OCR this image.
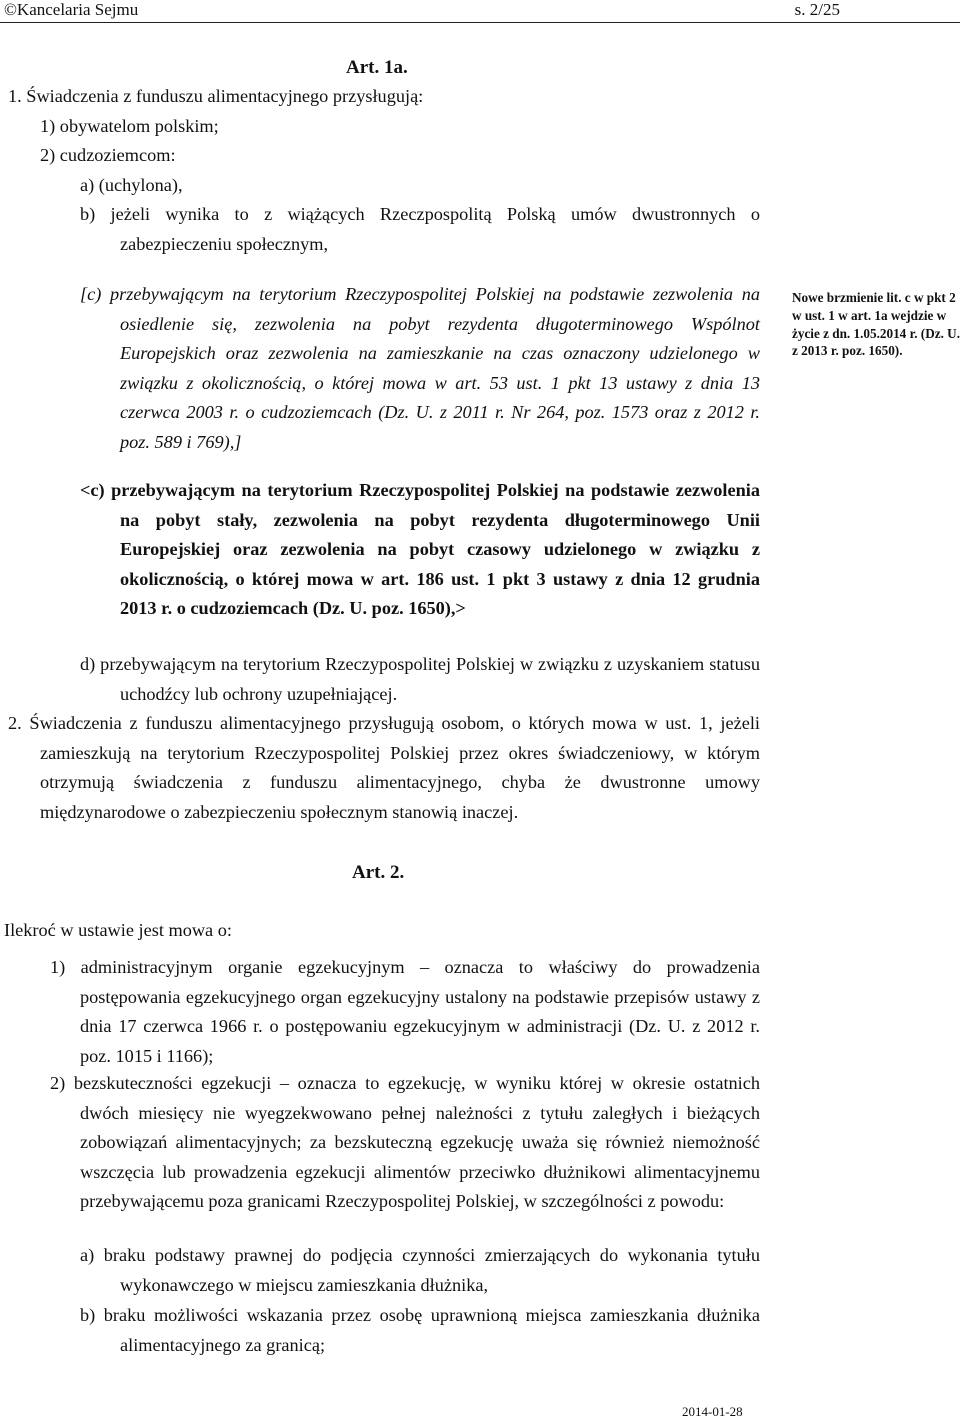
©Kancelaria Sejmu	s. 2/25
Art. 1a.

1. Świadczenia z funduszu alimentacyjnego przysługują:

1) obywatelom polskim;

2) cudzoziemcom:

a) (uchylona),

b) jeżeli wynika to z wiążących Rzeczpospolitą Polską umów dwustronnych o zabezpieczeniu społecznym,

[c) przebywającym na terytorium Rzeczypospolitej Polskiej na podstawie zezwolenia na osiedlenie się, zezwolenia na pobyt rezydenta długoterminowego Wspólnot Europejskich oraz zezwolenia na zamieszkanie na czas oznaczony udzielonego w związku z okolicznością, o której mowa w art. 53 ust. 1 pkt 13 ustawy z dnia 13 czerwca 2003 r. o cudzoziemcach (Dz. U. z 2011 r. Nr 264, poz. 1573 oraz z 2012 r. poz. 589 i 769),]

<c) przebywającym na terytorium Rzeczypospolitej Polskiej na podstawie zezwolenia na pobyt stały, zezwolenia na pobyt rezydenta długoterminowego Unii Europejskiej oraz zezwolenia na pobyt czasowy udzielonego w związku z okolicznością, o której mowa w art. 186 ust. 1 pkt 3 ustawy z dnia 12 grudnia 2013 r. o cudzoziemcach (Dz. U. poz. 1650),>

d) przebywającym na terytorium Rzeczypospolitej Polskiej w związku z uzyskaniem statusu uchodźcy lub ochrony uzupełniającej.

2. Świadczenia z funduszu alimentacyjnego przysługują osobom, o których mowa w ust. 1, jeżeli zamieszkują na terytorium Rzeczypospolitej Polskiej przez okres świadczeniowy, w którym otrzymują świadczenia z funduszu alimentacyjnego, chyba że dwustronne umowy międzynarodowe o zabezpieczeniu społecznym stanowią inaczej.

Nowe brzmienie lit. c w pkt 2 w ust. 1 w art. 1a wejdzie w życie z dn. 1.05.2014 r. (Dz. U. z 2013 r. poz. 1650).
Art. 2.

Ilekroć w ustawie jest mowa o:

1) administracyjnym organie egzekucyjnym – oznacza to właściwy do prowadzenia postępowania egzekucyjnego organ egzekucyjny ustalony na podstawie przepisów ustawy z dnia 17 czerwca 1966 r. o postępowaniu egzekucyjnym w administracji (Dz. U. z 2012 r. poz. 1015 i 1166);

2) bezskuteczności egzekucji – oznacza to egzekucję, w wyniku której w okresie ostatnich dwóch miesięcy nie wyegzekwowano pełnej należności z tytułu zaległych i bieżących zobowiązań alimentacyjnych; za bezskuteczną egzekucję uważa się również niemożność wszczęcia lub prowadzenia egzekucji alimentów przeciwko dłużnikowi alimentacyjnemu przebywającemu poza granicami Rzeczypospolitej Polskiej, w szczególności z powodu:

a) braku podstawy prawnej do podjęcia czynności zmierzających do wykonania tytułu wykonawczego w miejscu zamieszkania dłużnika,

b) braku możliwości wskazania przez osobę uprawnioną miejsca zamieszkania dłużnika alimentacyjnego za granicą;

2014-01-28
